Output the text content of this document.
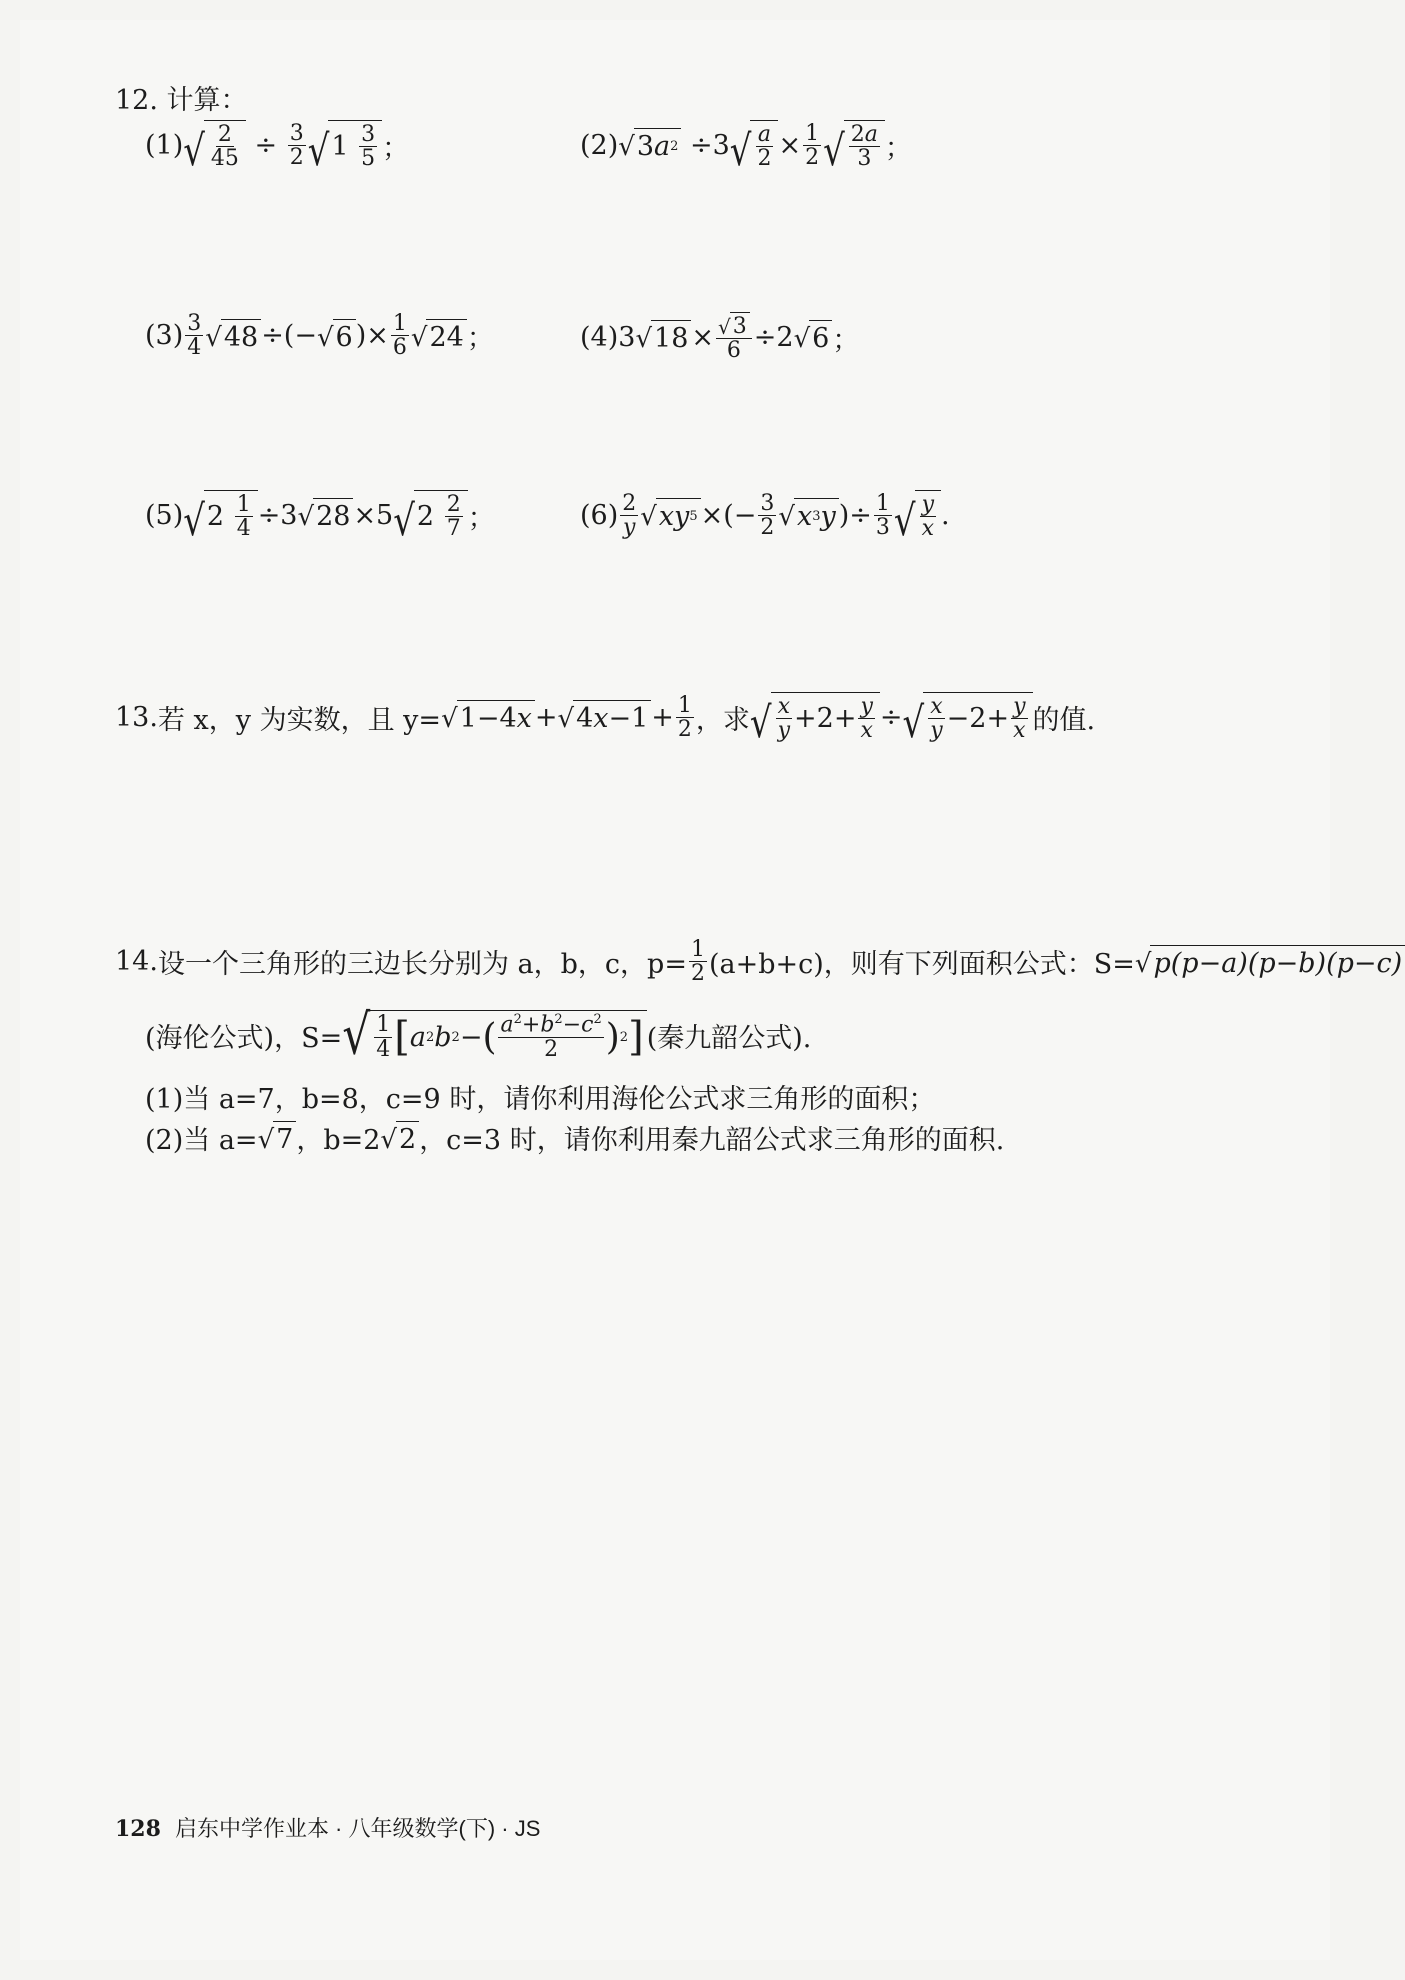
12. 计算：
(1) √ $\frac{2}{45} \div \frac{3}{2}$ √ $1 \frac{3}{5}$ ；	(2) √ 3 a 2 ÷3 √ $\frac{a}{2} \times \frac{1}{2}$ √ $\frac{2a}{3}$ ；
$(3) \frac{3}{4}$ √ 48 ÷(− √ 6 )× $\frac{1}{6}$ √ 24 ；	(4)3 √ $18 \times \frac{√ 3}{6} \div 2$ √ 6 ；
(5) √ $2 \frac{1}{4} \div 3$ √ 28 ×5 √ $2 \frac{2}{7}$ ；	$(6) \frac{2}{y}$ √ xy 5 ×(− $\frac{3}{2}$ √ x 3 y )÷ $\frac{1}{3}$ √ $\frac{y}{x}$ .
13. 若 x，y 为实数，且 y= √ 1−4 x + √ 4 $x -1 + \frac{1}{2}$ ，求 √ $\frac{x}{y} +2+ \frac{y}{x}$ ÷ √ $\frac{x}{y} -2+ \frac{y}{x}$ 的值.
14. 设一个三角形的三边长分别为 a，b，c，$p= \frac{1}{2} (a+b+c)$，则有下列面积公式：S= √ p(p−a)(p−b)(p−c)
(海伦公式)，S= √ $\frac{1}{4}$ [ a 2 b 2 − ( $\frac{a^2+b^2-c^2}{2}$ ) 2 ] (秦九韶公式).
(1)当 a=7，b=8，c=9 时，请你利用海伦公式求三角形的面积；
(2)当 a= √ 7 ，b=2 √ 2 ，c=3 时，请你利用秦九韶公式求三角形的面积.
128 启东中学作业本 · 八年级数学(下) · JS
